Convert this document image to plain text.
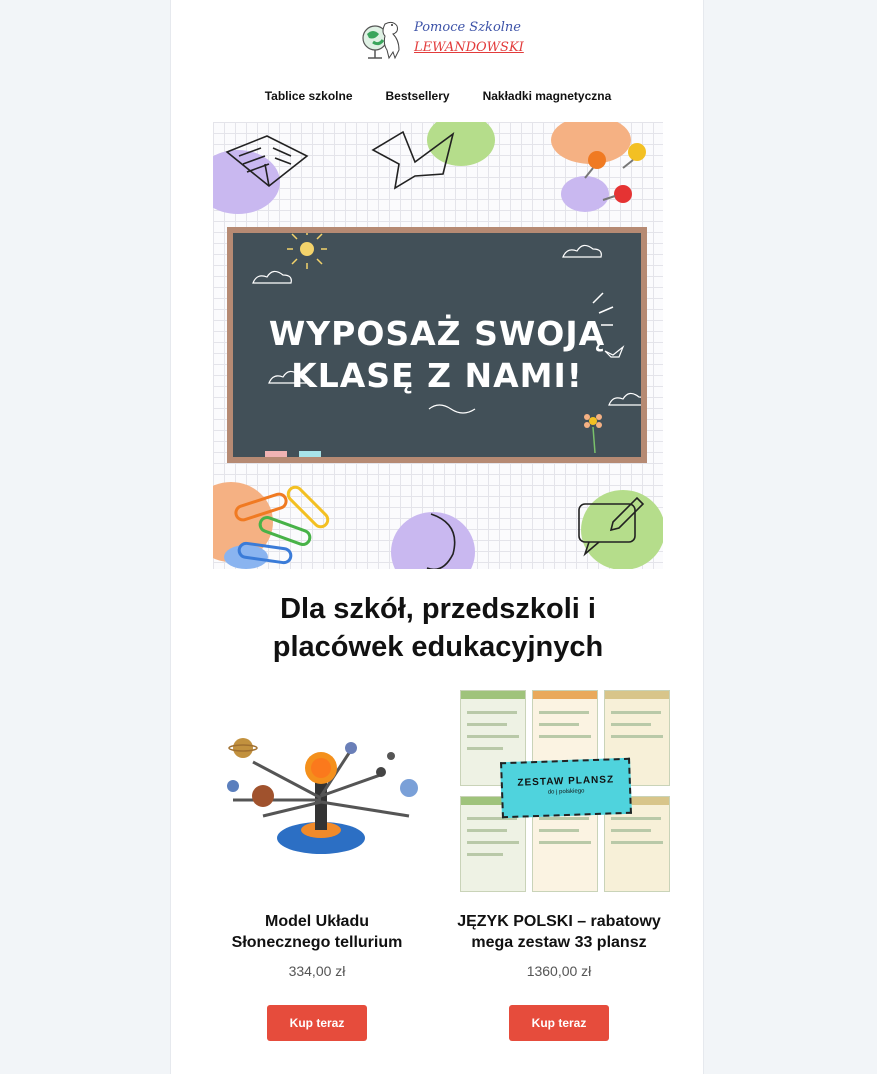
Pomoce Szkolne
LEWANDOWSKI
Tablice szkolne	Bestsellery	Nakładki magnetyczna
WYPOSAŻ SWOJĄ
KLASĘ Z NAMI!
Dla szkół, przedszkoli i
placówek edukacyjnych
Model Układu
Słonecznego tellurium
334,00 zł
Kup teraz
ZESTAW PLANSZ
do j polskiego
JĘZYK POLSKI – rabatowy
mega zestaw 33 plansz
1360,00 zł
Kup teraz
